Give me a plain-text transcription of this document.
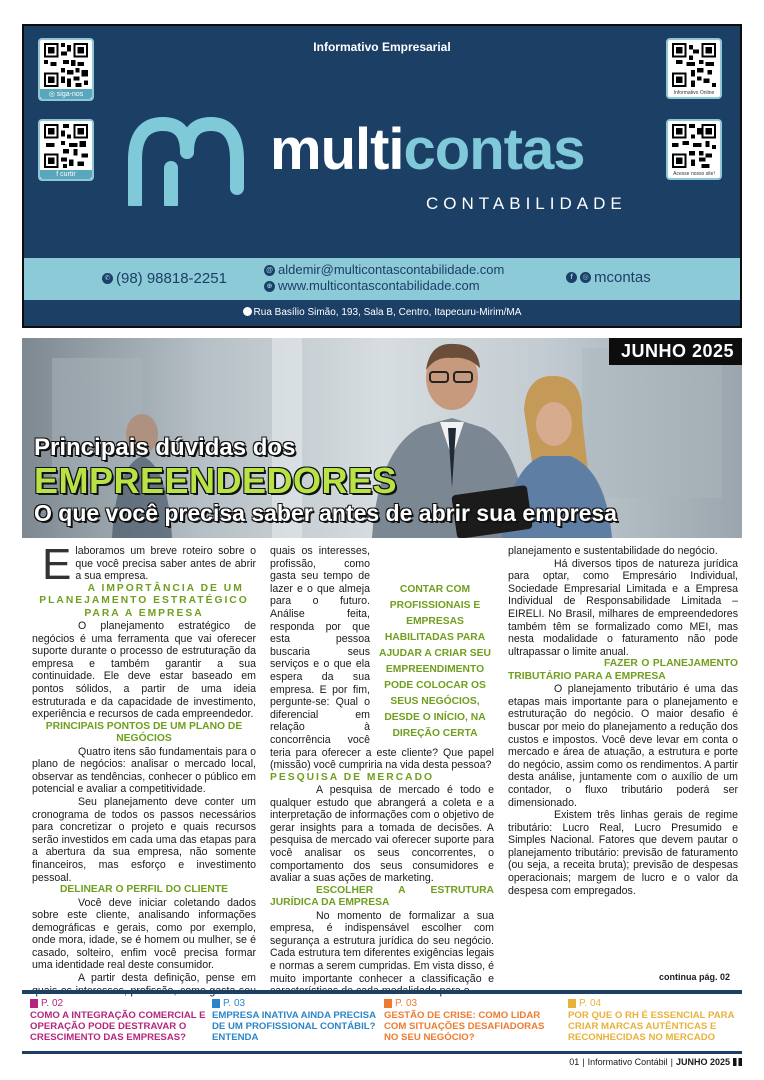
Informativo Empresarial
◎ siga-nos
f curtir
Informativo Online
Acesse nosso site!
multicontas
CONTABILIDADE
✆ (98) 98818-2251	@ aldemir@multicontascontabilidade.com
⊕ www.multicontascontabilidade.com
f	◎ mcontas
Rua Basílio Simão, 193, Sala B, Centro, Itapecuru-Mirim/MA
JUNHO 2025
Principais dúvidas dos
EMPREENDEDORES
O que você precisa saber antes de abrir sua empresa

Elaboramos um breve roteiro sobre o que você precisa saber antes de abrir a sua empresa.

A IMPORTÂNCIA DE UM PLANEJAMENTO ESTRATÉGICO PARA A EMPRESA

O planejamento estratégico de negócios é uma ferramenta que vai oferecer suporte durante o processo de estruturação da empresa e também garantir a sua continuidade. Ele deve estar baseado em pontos sólidos, a partir de uma ideia estruturada e da capacidade de investimento, experiência e recursos de cada empreendedor.

PRINCIPAIS PONTOS DE UM PLANO DE NEGÓCIOS

Quatro itens são fundamentais para o plano de negócios: analisar o mercado local, observar as tendências, conhecer o público em potencial e avaliar a competitividade.

Seu planejamento deve conter um cronograma de todos os passos necessários para concretizar o projeto e quais recursos serão investidos em cada uma das etapas para a abertura da sua empresa, não somente financeiros, mas esforço e investimento pessoal.

DELINEAR O PERFIL DO CLIENTE

Você deve iniciar coletando dados sobre este cliente, analisando informações demográficas e gerais, como por exemplo, onde mora, idade, se é homem ou mulher, se é casado, solteiro, enfim você precisa formar uma identidade real deste consumidor.

A partir desta definição, pense em quais os interesses, profissão, como gasta seu

CONTAR COM PROFISSIONAIS E EMPRESAS HABILITADAS PARA AJUDAR A CRIAR SEU EMPREENDIMENTO PODE COLOCAR OS SEUS NEGÓCIOS, DESDE O INÍCIO, NA DIREÇÃO CERTA

quais os interesses, profissão, como gasta seu tempo de lazer e o que almeja para o futuro. Análise feita, responda por que esta pessoa buscaria seus serviços e o que ela espera da sua empresa. E por fim, pergunte-se: Qual o diferencial em relação à concorrência você teria para oferecer a este cliente? Que papel (missão) você cumpriria na vida desta pessoa?

PESQUISA DE MERCADO

A pesquisa de mercado é todo e qualquer estudo que abrangerá a coleta e a interpretação de informações com o objetivo de gerar insights para a tomada de decisões. A pesquisa de mercado vai oferecer suporte para você analisar os seus concorrentes, o comportamento dos seus consumidores e avaliar a suas ações de marketing.

ESCOLHER A ESTRUTURA JURÍDICA DA EMPRESA

No momento de formalizar a sua empresa, é indispensável escolher com segurança a estrutura jurídica do seu negócio. Cada estrutura tem diferentes exigências legais e normas a serem cumpridas. Em vista disso, é muito importante conhecer a classificação e características de cada modalidade para o

planejamento e sustentabilidade do negócio.

Há diversos tipos de natureza jurídica para optar, como Empresário Individual, Sociedade Empresarial Limitada e a Empresa Individual de Responsabilidade Limitada – EIRELI. No Brasil, milhares de empreendedores também têm se formalizado como MEI, mas nesta modalidade o faturamento não pode ultrapassar o limite anual.

FAZER O PLANEJAMENTO TRIBUTÁRIO PARA A EMPRESA

O planejamento tributário é uma das etapas mais importante para o planejamento e estruturação do negócio. O maior desafio é buscar por meio do planejamento a redução dos custos e impostos. Você deve levar em conta o mercado e área de atuação, a estrutura e porte do negócio, assim como os rendimentos. A partir desta análise, juntamente com o auxílio de um contador, o fluxo tributário poderá ser dimensionado.

Existem três linhas gerais de regime tributário: Lucro Real, Lucro Presumido e Simples Nacional. Fatores que devem pautar o planejamento tributário: previsão de faturamento (ou seja, a receita bruta); previsão de despesas operacionais; margem de lucro e o valor da despesa com empregados.

continua pág. 02
P. 02
COMO A INTEGRAÇÃO COMERCIAL E OPERAÇÃO PODE DESTRAVAR O CRESCIMENTO DAS EMPRESAS?
P. 03
EMPRESA INATIVA AINDA PRECISA DE UM PROFISSIONAL CONTÁBIL? ENTENDA
P. 03
GESTÃO DE CRISE: COMO LIDAR COM SITUAÇÕES DESAFIADORAS NO SEU NEGÓCIO?
P. 04
POR QUE O RH É ESSENCIAL PARA CRIAR MARCAS AUTÊNTICAS E RECONHECIDAS NO MERCADO
01 | Informativo Contábil | JUNHO 2025
